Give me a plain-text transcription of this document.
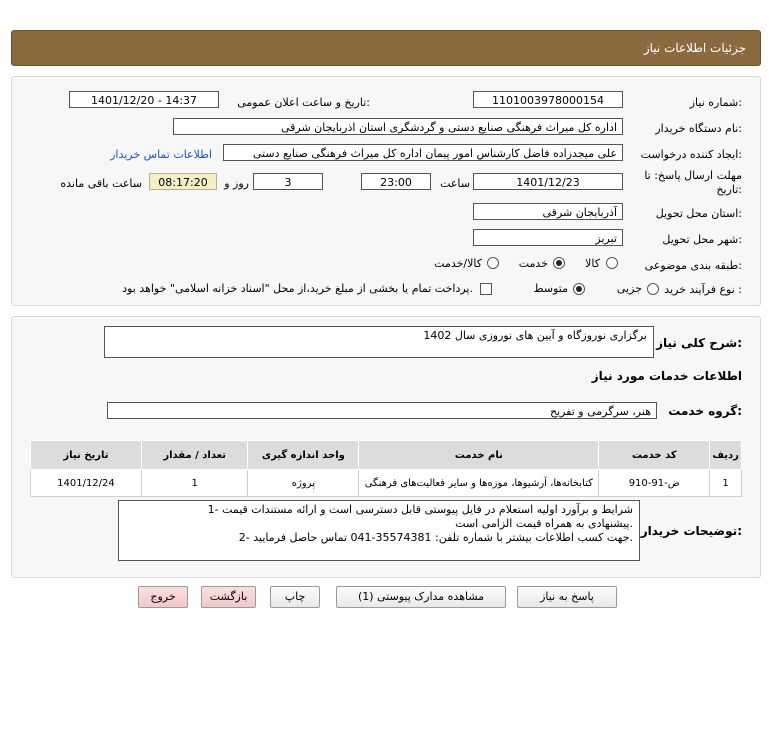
جزئیات اطلاعات نیاز
شماره نیاز:
1101003978000154
تاریخ و ساعت اعلان عمومی:
1401/12/20 - 14:37
نام دستگاه خریدار:
اداره کل میراث فرهنگی صنایع دستی و گردشگری استان اذربایجان شرقی
ایجاد کننده درخواست:
علی میجدزاده فاضل کارشناس امور پیمان اداره کل میراث فرهنگی صنایع دستی
اطلاعات تماس خریدار
مهلت ارسال پاسخ: تا
تاریخ:
1401/12/23
ساعت
23:00
3
روز و
08:17:20
ساعت باقی مانده
استان محل تحویل:
آذربایجان شرقی
شهر محل تحویل:
تبریز
طبقه بندی موضوعی:
کالا
خدمت
کالا/خدمت
نوع فرآیند خرید :
جزیی
متوسط
پرداخت تمام یا بخشی از مبلغ خرید،از محل "اسناد خزانه اسلامی" خواهد بود.
شرح کلی نیاز:
برگزاری نوروزگاه و آیین های نوروزی سال 1402
اطلاعات خدمات مورد نیاز
گروه خدمت:
هنر، سرگرمی و تفریح
ردیف	کد خدمت	نام خدمت	واحد اندازه گیری	تعداد / مقدار	تاریخ نیاز
1	ض-91-910	کتابخانه‌ها، آرشیوها، موزه‌ها و سایر فعالیت‌های فرهنگی	پروژه	1	1401/12/24
توضیحات خریدار:
1- شرایط و برآورد اولیه استعلام در فایل پیوستی قابل دسترسی است و ارائه مستندات قیمت
پیشنهادی به همراه قیمت الزامی است.
2- جهت کسب اطلاعات بیشتر با شماره تلفن: 35574381-041 تماس حاصل فرمایید.
پاسخ به نیاز
مشاهده مدارک پیوستی (1)
چاپ
بازگشت
خروج
